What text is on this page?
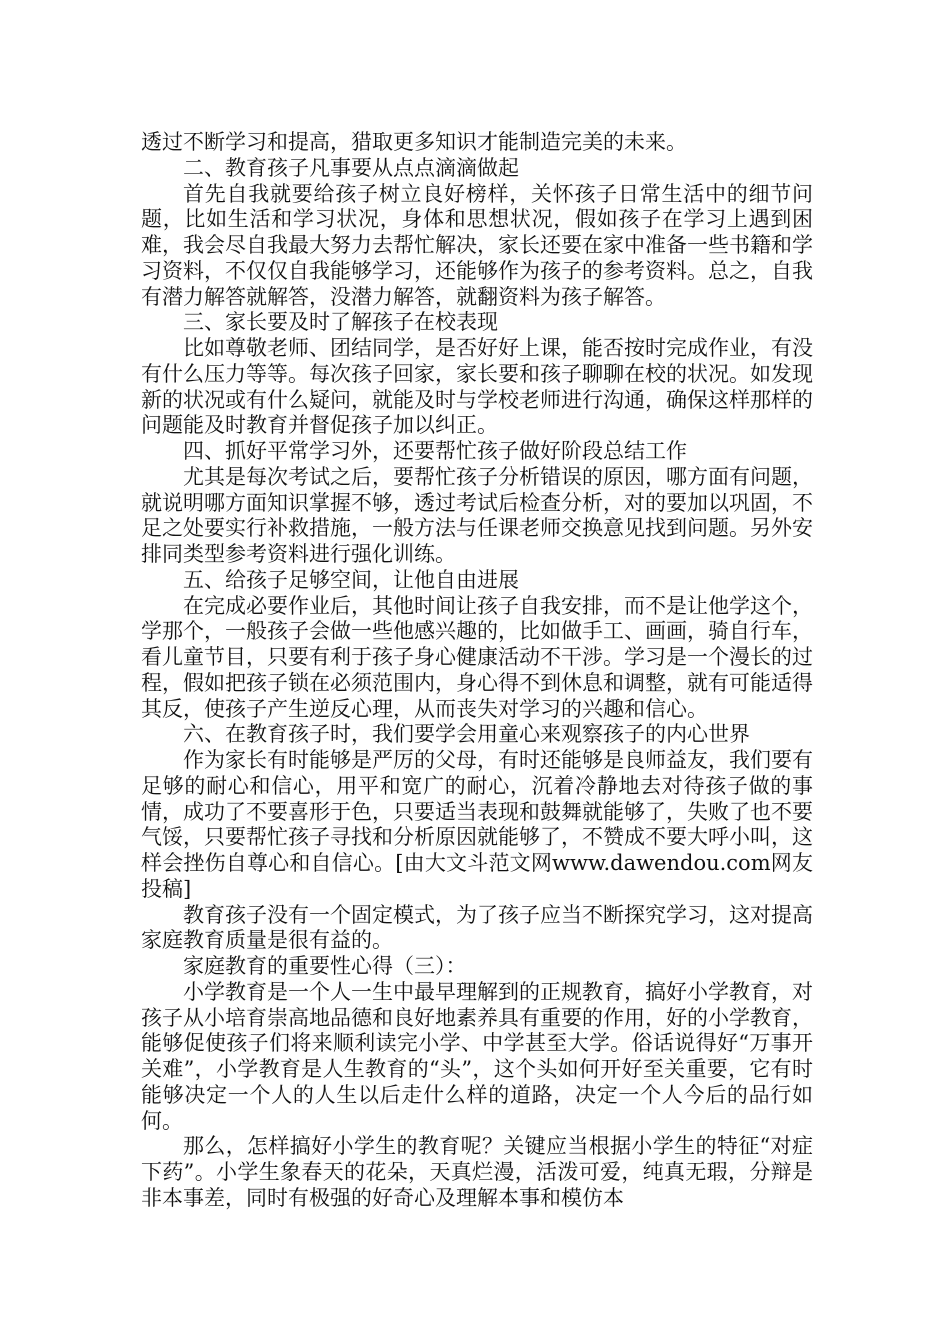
透过不断学习和提高，猎取更多知识才能制造完美的未来。

二、教育孩子凡事要从点点滴滴做起

首先自我就要给孩子树立良好榜样，关怀孩子日常生活中的细节问题，比如生活和学习状况，身体和思想状况，假如孩子在学习上遇到困难，我会尽自我最大努力去帮忙解决，家长还要在家中准备一些书籍和学习资料，不仅仅自我能够学习，还能够作为孩子的参考资料。总之，自我有潜力解答就解答，没潜力解答，就翻资料为孩子解答。

三、家长要及时了解孩子在校表现

比如尊敬老师、团结同学，是否好好上课，能否按时完成作业，有没有什么压力等等。每次孩子回家，家长要和孩子聊聊在校的状况。如发现新的状况或有什么疑问，就能及时与学校老师进行沟通，确保这样那样的问题能及时教育并督促孩子加以纠正。

四、抓好平常学习外，还要帮忙孩子做好阶段总结工作

尤其是每次考试之后，要帮忙孩子分析错误的原因，哪方面有问题，就说明哪方面知识掌握不够，透过考试后检查分析，对的要加以巩固，不足之处要实行补救措施，一般方法与任课老师交换意见找到问题。另外安排同类型参考资料进行强化训练。

五、给孩子足够空间，让他自由进展

在完成必要作业后，其他时间让孩子自我安排，而不是让他学这个，学那个，一般孩子会做一些他感兴趣的，比如做手工、画画，骑自行车，看儿童节目，只要有利于孩子身心健康活动不干涉。学习是一个漫长的过程，假如把孩子锁在必须范围内，身心得不到休息和调整，就有可能适得其反，使孩子产生逆反心理，从而丧失对学习的兴趣和信心。

六、在教育孩子时，我们要学会用童心来观察孩子的内心世界

作为家长有时能够是严厉的父母，有时还能够是良师益友，我们要有足够的耐心和信心，用平和宽广的耐心，沉着冷静地去对待孩子做的事情，成功了不要喜形于色，只要适当表现和鼓舞就能够了，失败了也不要气馁，只要帮忙孩子寻找和分析原因就能够了，不赞成不要大呼小叫，这样会挫伤自尊心和自信心。[由大文斗范文网www.dawendou.com网友投稿]

教育孩子没有一个固定模式，为了孩子应当不断探究学习，这对提高家庭教育质量是很有益的。

家庭教育的重要性心得（三）：

小学教育是一个人一生中最早理解到的正规教育，搞好小学教育，对孩子从小培育崇高地品德和良好地素养具有重要的作用，好的小学教育，能够促使孩子们将来顺利读完小学、中学甚至大学。俗话说得好“万事开关难”，小学教育是人生教育的“头”，这个头如何开好至关重要，它有时能够决定一个人的人生以后走什么样的道路，决定一个人今后的品行如何。

那么，怎样搞好小学生的教育呢？关键应当根据小学生的特征“对症下药”。小学生象春天的花朵，天真烂漫，活泼可爱，纯真无瑕，分辩是非本事差，同时有极强的好奇心及理解本事和模仿本
